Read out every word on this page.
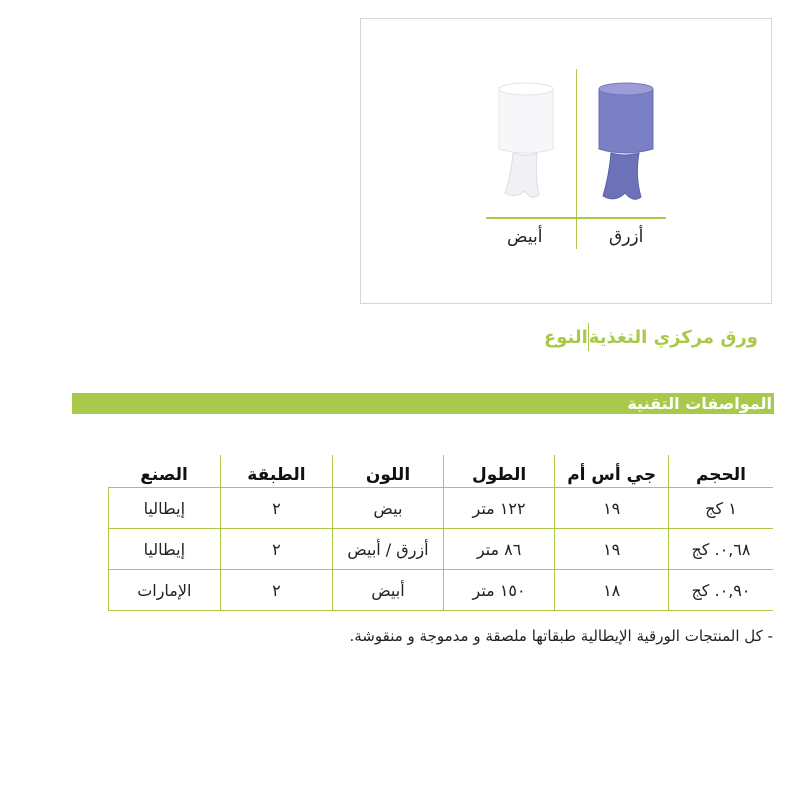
أبيض	أزرق
النوع ورق مركزي التغذية
المواصفات التقنية
الحجم	جي أس أم	الطول	اللون	الطبقة	الصنع
١ كج	١٩	١٢٢ متر	بيض	٢	إيطاليا
٠,٦٨. كج	١٩	٨٦ متر	أزرق / أبيض	٢	إيطاليا
٠,٩٠. كج	١٨	١٥٠ متر	أبيض	٢	الإمارات
- كل المنتجات الورقية الإيطالية طبقاتها ملصقة و مدموجة و منقوشة.
